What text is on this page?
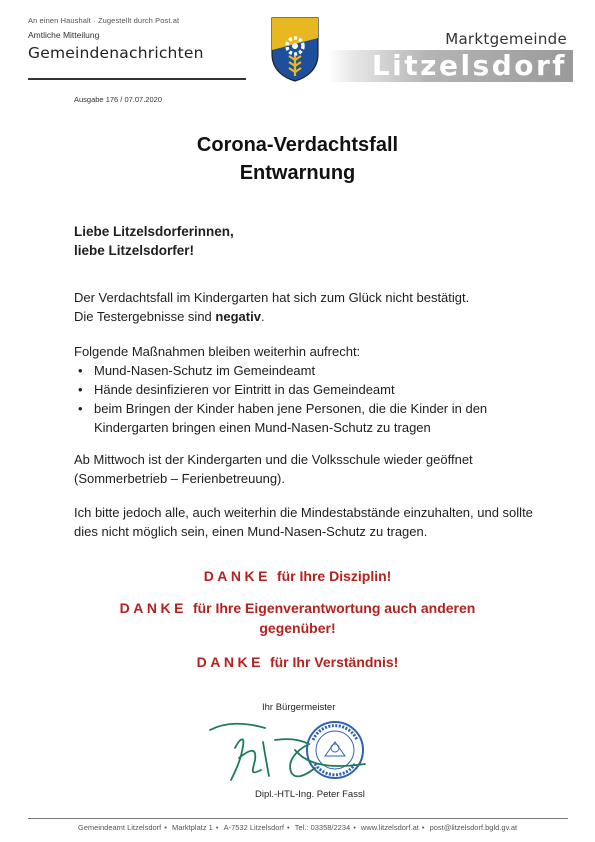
An einen Haushalt · Zugestellt durch Post.at
Amtliche Mitteilung
Gemeindenachrichten
Marktgemeinde
Litzelsdorf
Ausgabe 176 / 07.07.2020
Corona-Verdachtsfall
Entwarnung
Liebe Litzelsdorferinnen,
liebe Litzelsdorfer!
Der Verdachtsfall im Kindergarten hat sich zum Glück nicht bestätigt.
Die Testergebnisse sind negativ.
Folgende Maßnahmen bleiben weiterhin aufrecht:
• Mund-Nasen-Schutz im Gemeindeamt
• Hände desinfizieren vor Eintritt in das Gemeindeamt
• beim Bringen der Kinder haben jene Personen, die die Kinder in den Kindergarten bringen einen Mund-Nasen-Schutz zu tragen
Ab Mittwoch ist der Kindergarten und die Volksschule wieder geöffnet (Sommerbetrieb – Ferienbetreuung).
Ich bitte jedoch alle, auch weiterhin die Mindestabstände einzuhalten, und sollte dies nicht möglich sein, einen Mund-Nasen-Schutz zu tragen.
DANKE für Ihre Disziplin!
DANKE für Ihre Eigenverantwortung auch anderen gegenüber!
DANKE für Ihr Verständnis!
Ihr Bürgermeister
Dipl.-HTL-Ing. Peter Fassl
Gemeindeamt Litzelsdorf • Marktplatz 1 • A-7532 Litzelsdorf • Tel.: 03358/2234 • www.litzelsdorf.at • post@litzelsdorf.bgld.gv.at
